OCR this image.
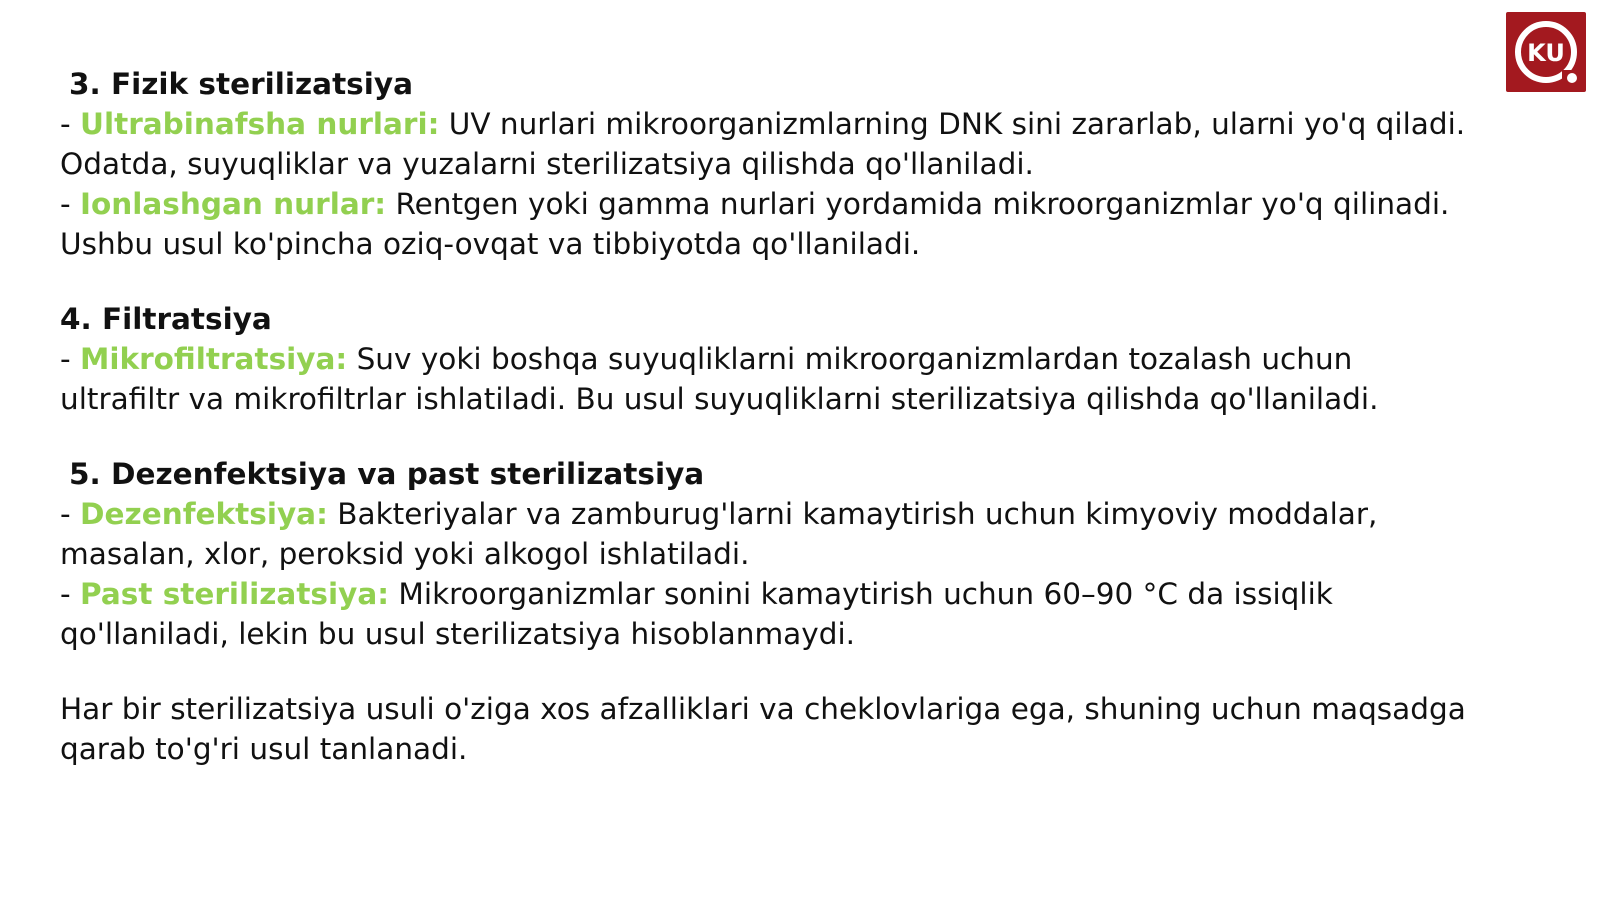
KU
3. Fizik sterilizatsiya
- Ultrabinafsha nurlari: UV nurlari mikroorganizmlarning DNK sini zararlab, ularni yo'q qiladi.
Odatda, suyuqliklar va yuzalarni sterilizatsiya qilishda qo'llaniladi.
- Ionlashgan nurlar: Rentgen yoki gamma nurlari yordamida mikroorganizmlar yo'q qilinadi.
Ushbu usul ko'pincha oziq-ovqat va tibbiyotda qo'llaniladi.
4. Filtratsiya
- Mikrofiltratsiya: Suv yoki boshqa suyuqliklarni mikroorganizmlardan tozalash uchun
ultrafiltr va mikrofiltrlar ishlatiladi. Bu usul suyuqliklarni sterilizatsiya qilishda qo'llaniladi.
5. Dezenfektsiya va past sterilizatsiya
- Dezenfektsiya: Bakteriyalar va zamburug'larni kamaytirish uchun kimyoviy moddalar,
masalan, xlor, peroksid yoki alkogol ishlatiladi.
- Past sterilizatsiya: Mikroorganizmlar sonini kamaytirish uchun 60–90 °C da issiqlik
qo'llaniladi, lekin bu usul sterilizatsiya hisoblanmaydi.
Har bir sterilizatsiya usuli o'ziga xos afzalliklari va cheklovlariga ega, shuning uchun maqsadga
qarab to'g'ri usul tanlanadi.
